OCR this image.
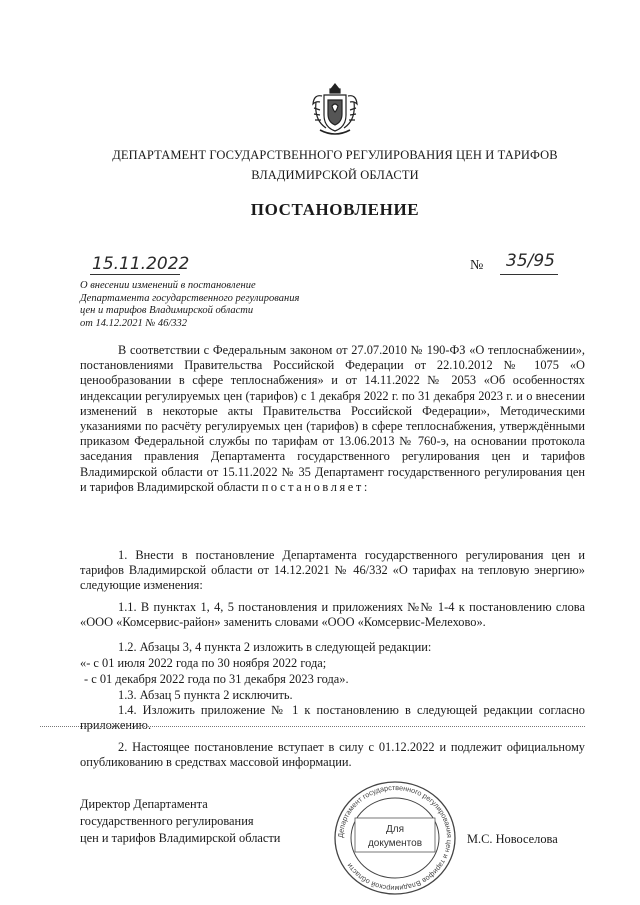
ДЕПАРТАМЕНТ ГОСУДАРСТВЕННОГО РЕГУЛИРОВАНИЯ ЦЕН И ТАРИФОВ
ВЛАДИМИРСКОЙ ОБЛАСТИ
ПОСТАНОВЛЕНИЕ
15.11.2022	№ 35/95
О внесении изменений в постановление
Департамента государственного регулирования
цен и тарифов Владимирской области
от 14.12.2021 № 46/332
В соответствии с Федеральным законом от 27.07.2010 № 190-ФЗ «О теплоснабжении», постановлениями Правительства Российской Федерации от 22.10.2012 № 1075 «О ценообразовании в сфере теплоснабжения» и от 14.11.2022 № 2053 «Об особенностях индексации регулируемых цен (тарифов) с 1 декабря 2022 г. по 31 декабря 2023 г. и о внесении изменений в некоторые акты Правительства Российской Федерации», Методическими указаниями по расчёту регулируемых цен (тарифов) в сфере теплоснабжения, утверждёнными приказом Федеральной службы по тарифам от 13.06.2013 № 760-э, на основании протокола заседания правления Департамента государственного регулирования цен и тарифов Владимирской области от 15.11.2022 № 35 Департамент государственного регулирования цен и тарифов Владимирской области постановляет:
1. Внести в постановление Департамента государственного регулирования цен и тарифов Владимирской области от 14.12.2021 № 46/332 «О тарифах на тепловую энергию» следующие изменения:
1.1. В пунктах 1, 4, 5 постановления и приложениях №№ 1-4 к постановлению слова «ООО «Комсервис-район» заменить словами «ООО «Комсервис-Мелехово».
1.2. Абзацы 3, 4 пункта 2 изложить в следующей редакции:
«- с 01 июля 2022 года по 30 ноября 2022 года;
- с 01 декабря 2022 года по 31 декабря 2023 года».
1.3. Абзац 5 пункта 2 исключить.
1.4. Изложить приложение № 1 к постановлению в следующей редакции согласно приложению.
2. Настоящее постановление вступает в силу с 01.12.2022 и подлежит официальному опубликованию в средствах массовой информации.
Директор Департамента
государственного регулирования
цен и тарифов Владимирской области	Департамент государственного регулирования цен и тарифов Владимирской области
Для
документов	М.С. Новоселова
